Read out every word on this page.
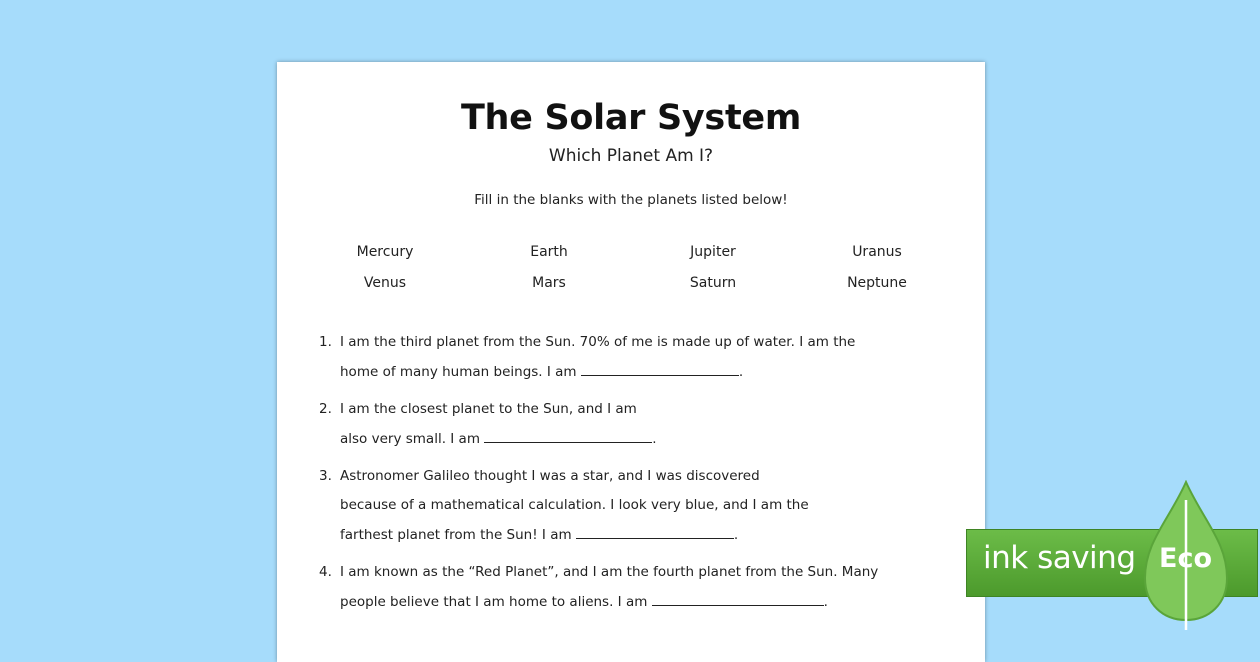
The Solar System
Which Planet Am I?
Fill in the blanks with the planets listed below!
Mercury	Earth	Jupiter	Uranus
Venus	Mars	Saturn	Neptune
1. I am the third planet from the Sun. 70% of me is made up of water. I am the
home of many human beings. I am	.
2. I am the closest planet to the Sun, and I am
also very small. I am	.
3. Astronomer Galileo thought I was a star, and I was discovered
because of a mathematical calculation. I look very blue, and I am the
farthest planet from the Sun! I am	.
4. I am known as the “Red Planet”, and I am the fourth planet from the Sun. Many
people believe that I am home to aliens. I am	.
ink saving Eco
